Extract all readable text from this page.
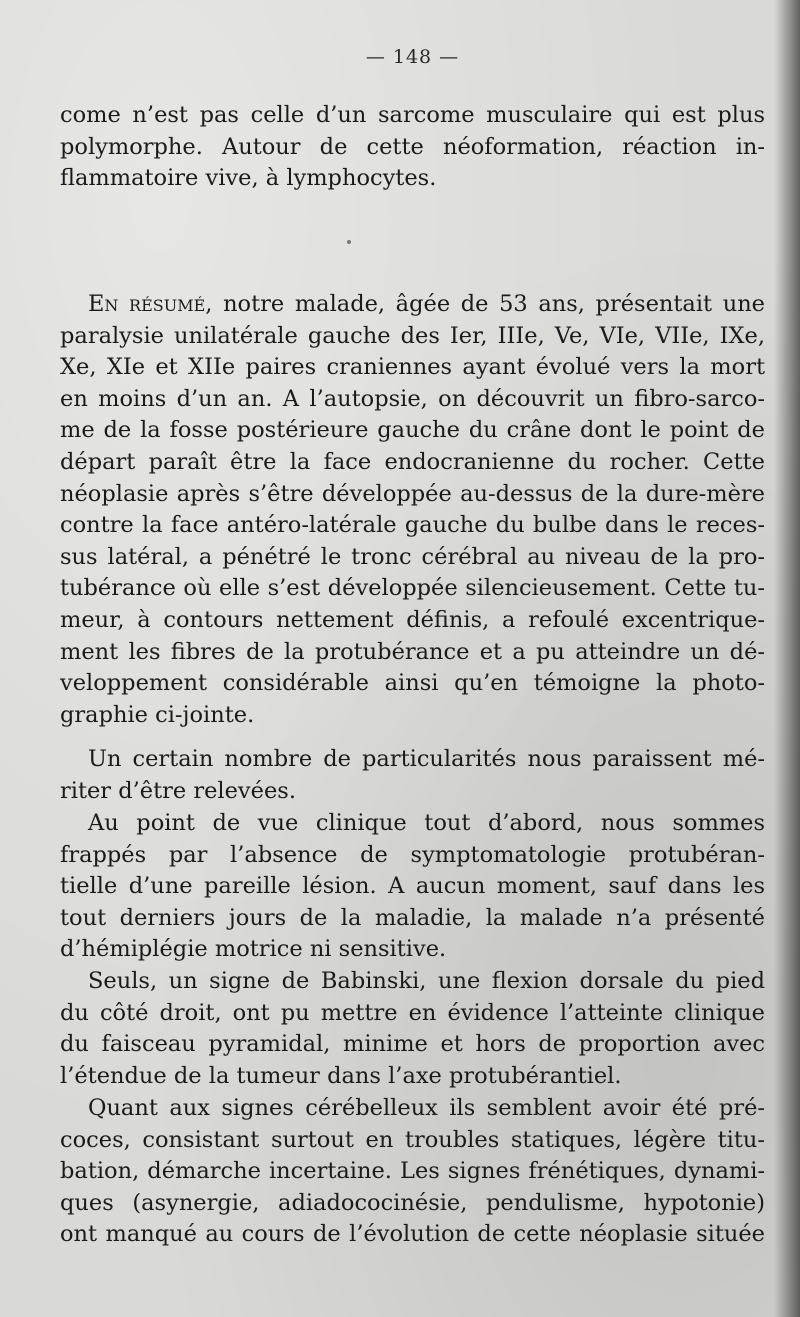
— 148 —
come n’est pas celle d’un sarcome musculaire qui est plus
polymorphe. Autour de cette néoformation, réaction in-
flammatoire vive, à lymphocytes.
En résumé, notre malade, âgée de 53 ans, présentait une
paralysie unilatérale gauche des Ier, IIIe, Ve, VIe, VIIe, IXe,
Xe, XIe et XIIe paires craniennes ayant évolué vers la mort
en moins d’un an. A l’autopsie, on découvrit un fibro-sarco-
me de la fosse postérieure gauche du crâne dont le point de
départ paraît être la face endocranienne du rocher. Cette
néoplasie après s’être développée au-dessus de la dure-mère
contre la face antéro-latérale gauche du bulbe dans le reces-
sus latéral, a pénétré le tronc cérébral au niveau de la pro-
tubérance où elle s’est développée silencieusement. Cette tu-
meur, à contours nettement définis, a refoulé excentrique-
ment les fibres de la protubérance et a pu atteindre un dé-
veloppement considérable ainsi qu’en témoigne la photo-
graphie ci-jointe.
Un certain nombre de particularités nous paraissent mé-
riter d’être relevées.
Au point de vue clinique tout d’abord, nous sommes
frappés par l’absence de symptomatologie protubéran-
tielle d’une pareille lésion. A aucun moment, sauf dans les
tout derniers jours de la maladie, la malade n’a présenté
d’hémiplégie motrice ni sensitive.
Seuls, un signe de Babinski, une flexion dorsale du pied
du côté droit, ont pu mettre en évidence l’atteinte clinique
du faisceau pyramidal, minime et hors de proportion avec
l’étendue de la tumeur dans l’axe protubérantiel.
Quant aux signes cérébelleux ils semblent avoir été pré-
coces, consistant surtout en troubles statiques, légère titu-
bation, démarche incertaine. Les signes frénétiques, dynami-
ques (asynergie, adiadococinésie, pendulisme, hypotonie)
ont manqué au cours de l’évolution de cette néoplasie située
